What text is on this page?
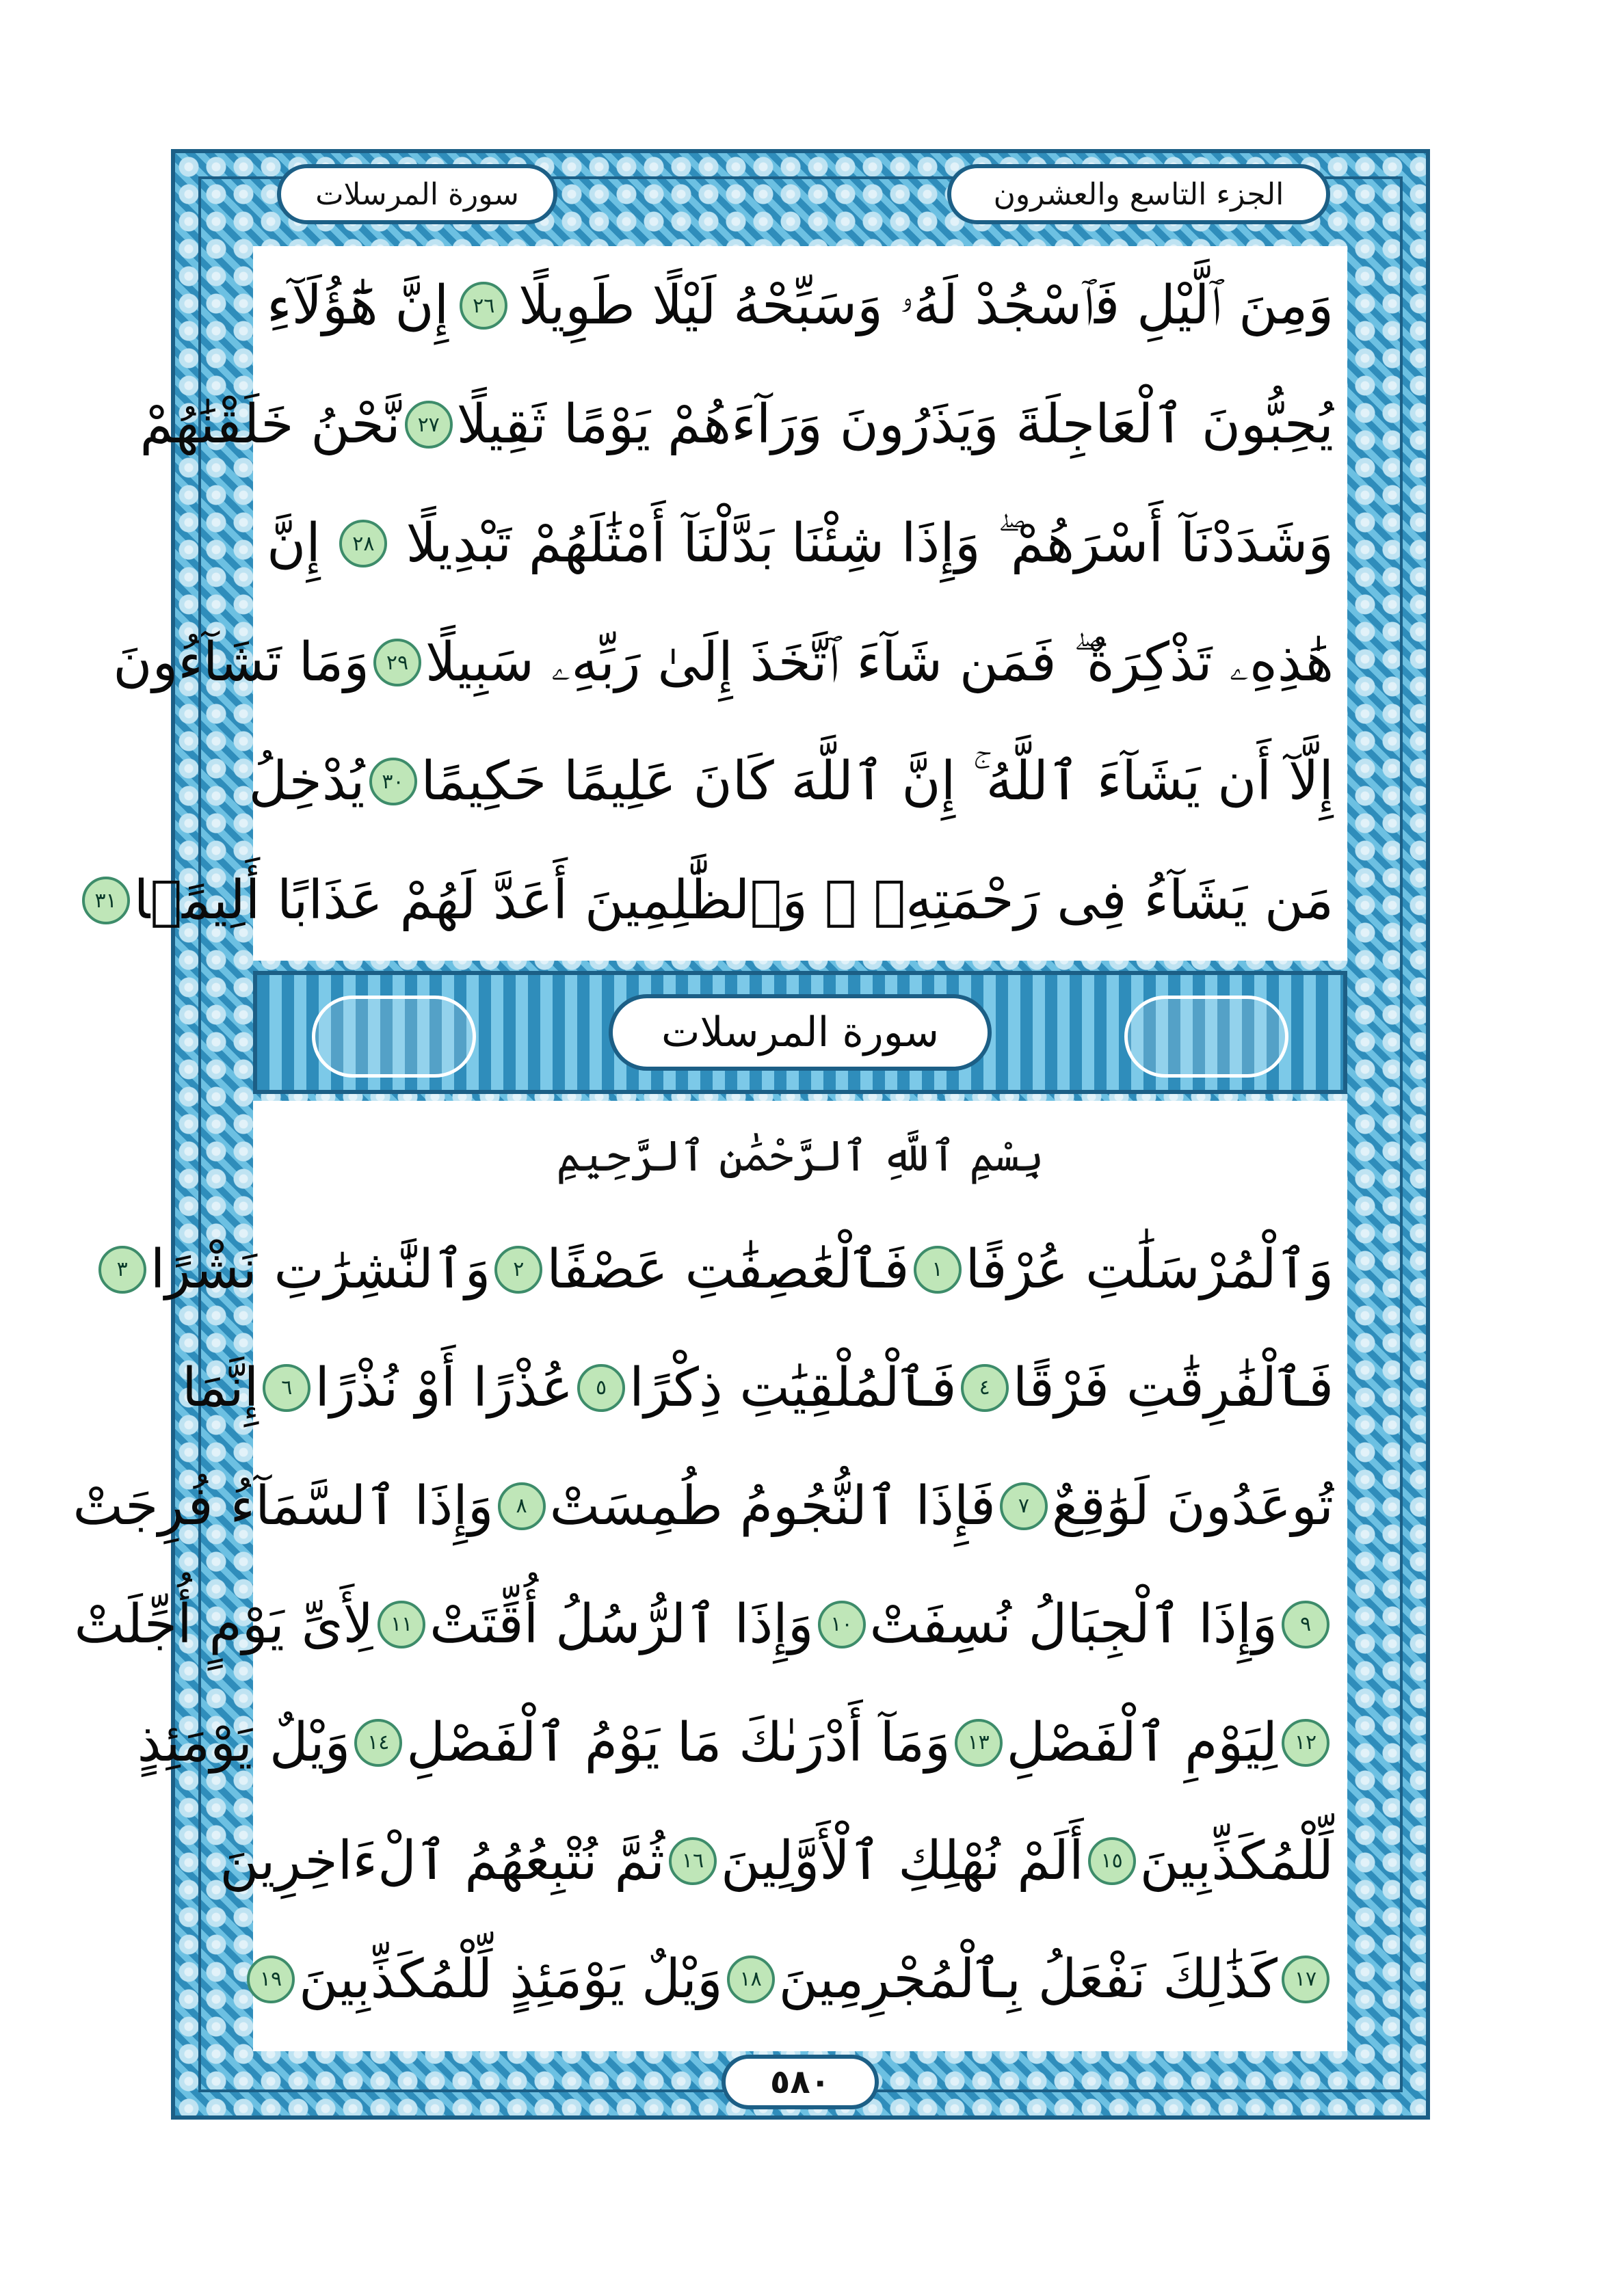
سورة المرسلات	الجزء التاسع والعشرون
وَمِنَ ٱلَّيْلِ فَٱسْجُدْ لَهُۥ وَسَبِّحْهُ لَيْلًا طَوِيلًا
٢٦
إِنَّ هَٰٓؤُلَآءِ
يُحِبُّونَ ٱلْعَاجِلَةَ وَيَذَرُونَ وَرَآءَهُمْ يَوْمًا ثَقِيلًا
٢٧
نَّحْنُ خَلَقْنَٰهُمْ
وَشَدَدْنَآ أَسْرَهُمْ ۖ وَإِذَا شِئْنَا بَدَّلْنَآ أَمْثَٰلَهُمْ تَبْدِيلًا
٢٨
إِنَّ
هَٰذِهِۦ تَذْكِرَةٌ ۖ فَمَن شَآءَ ٱتَّخَذَ إِلَىٰ رَبِّهِۦ سَبِيلًا
٢٩
وَمَا تَشَآءُونَ
إِلَّآ أَن يَشَآءَ ٱللَّهُ ۚ إِنَّ ٱللَّهَ كَانَ عَلِيمًا حَكِيمًا
٣٠
يُدْخِلُ
مَن يَشَآءُ فِى رَحْمَتِهِۦ ۚ وَٱلظَّٰلِمِينَ أَعَدَّ لَهُمْ عَذَابًا أَلِيمًۢا
٣١
سورة المرسلات
بِسْمِ ٱللَّهِ ٱلرَّحْمَٰنِ ٱلرَّحِيمِ
وَٱلْمُرْسَلَٰتِ عُرْفًا
١
فَٱلْعَٰصِفَٰتِ عَصْفًا
٢
وَٱلنَّٰشِرَٰتِ نَشْرًا
٣
فَٱلْفَٰرِقَٰتِ فَرْقًا
٤
فَٱلْمُلْقِيَٰتِ ذِكْرًا
٥
عُذْرًا أَوْ نُذْرًا
٦
إِنَّمَا
تُوعَدُونَ لَوَٰقِعٌ
٧
فَإِذَا ٱلنُّجُومُ طُمِسَتْ
٨
وَإِذَا ٱلسَّمَآءُ فُرِجَتْ
٩
وَإِذَا ٱلْجِبَالُ نُسِفَتْ
١٠
وَإِذَا ٱلرُّسُلُ أُقِّتَتْ
١١
لِأَىِّ يَوْمٍ أُجِّلَتْ
١٢
لِيَوْمِ ٱلْفَصْلِ
١٣
وَمَآ أَدْرَىٰكَ مَا يَوْمُ ٱلْفَصْلِ
١٤
وَيْلٌ يَوْمَئِذٍ
لِّلْمُكَذِّبِينَ
١٥
أَلَمْ نُهْلِكِ ٱلْأَوَّلِينَ
١٦
ثُمَّ نُتْبِعُهُمُ ٱلْءَاخِرِينَ
١٧
كَذَٰلِكَ نَفْعَلُ بِٱلْمُجْرِمِينَ
١٨
وَيْلٌ يَوْمَئِذٍ لِّلْمُكَذِّبِينَ
١٩
٥٨٠
